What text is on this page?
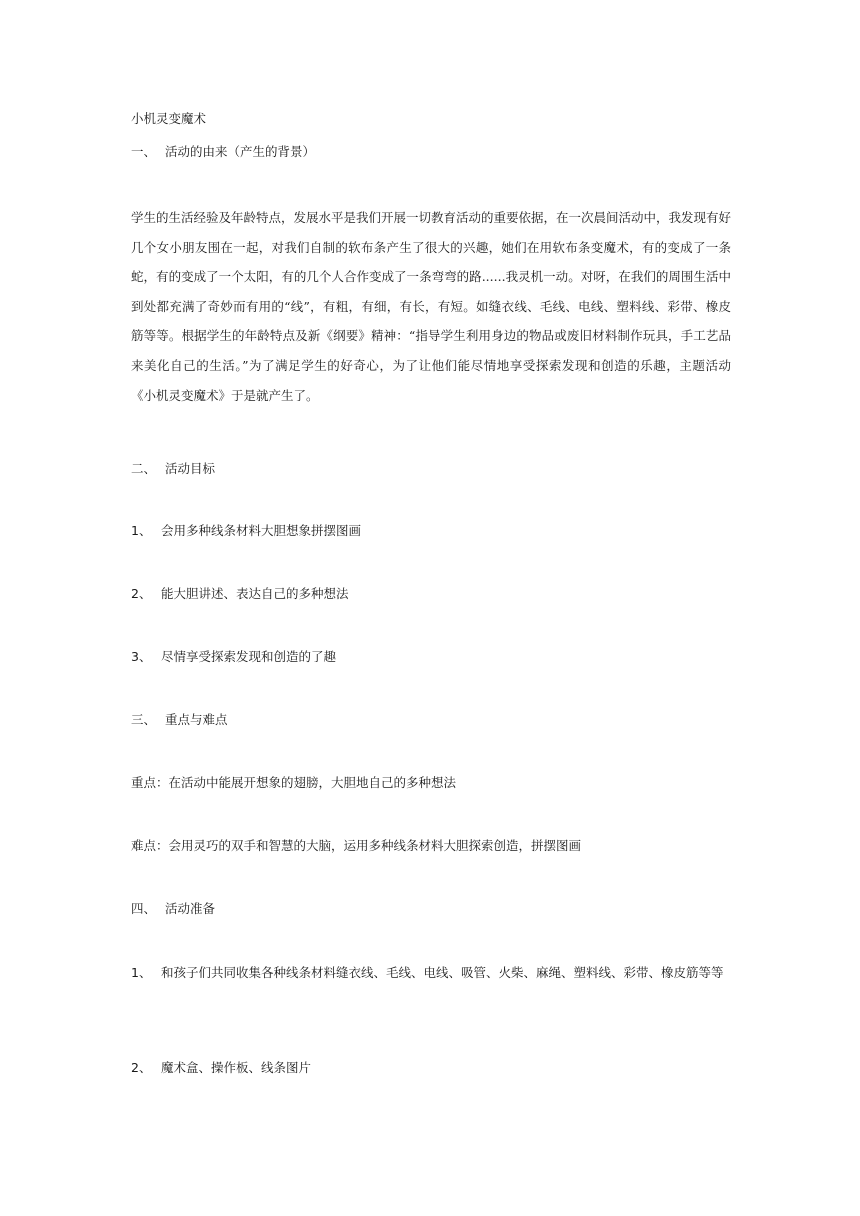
小机灵变魔术
一、 活动的由来（产生的背景）
学生的生活经验及年龄特点，发展水平是我们开展一切教育活动的重要依据，在一次晨间活动中，我发现有好几个女小朋友围在一起，对我们自制的软布条产生了很大的兴趣，她们在用软布条变魔术，有的变成了一条蛇，有的变成了一个太阳，有的几个人合作变成了一条弯弯的路......我灵机一动。对呀，在我们的周围生活中到处都充满了奇妙而有用的“线”，有粗，有细，有长，有短。如缝衣线、毛线、电线、塑料线、彩带、橡皮筋等等。根据学生的年龄特点及新《纲要》精神：“指导学生利用身边的物品或废旧材料制作玩具，手工艺品来美化自己的生活。”为了满足学生的好奇心，为了让他们能尽情地享受探索发现和创造的乐趣，主题活动《小机灵变魔术》于是就产生了。
二、 活动目标
1、 会用多种线条材料大胆想象拼摆图画
2、 能大胆讲述、表达自己的多种想法
3、 尽情享受探索发现和创造的了趣
三、 重点与难点
重点：在活动中能展开想象的翅膀，大胆地自己的多种想法
难点：会用灵巧的双手和智慧的大脑，运用多种线条材料大胆探索创造，拼摆图画
四、 活动准备
1、 和孩子们共同收集各种线条材料缝衣线、毛线、电线、吸管、火柴、麻绳、塑料线、彩带、橡皮筋等等
2、 魔术盒、操作板、线条图片
